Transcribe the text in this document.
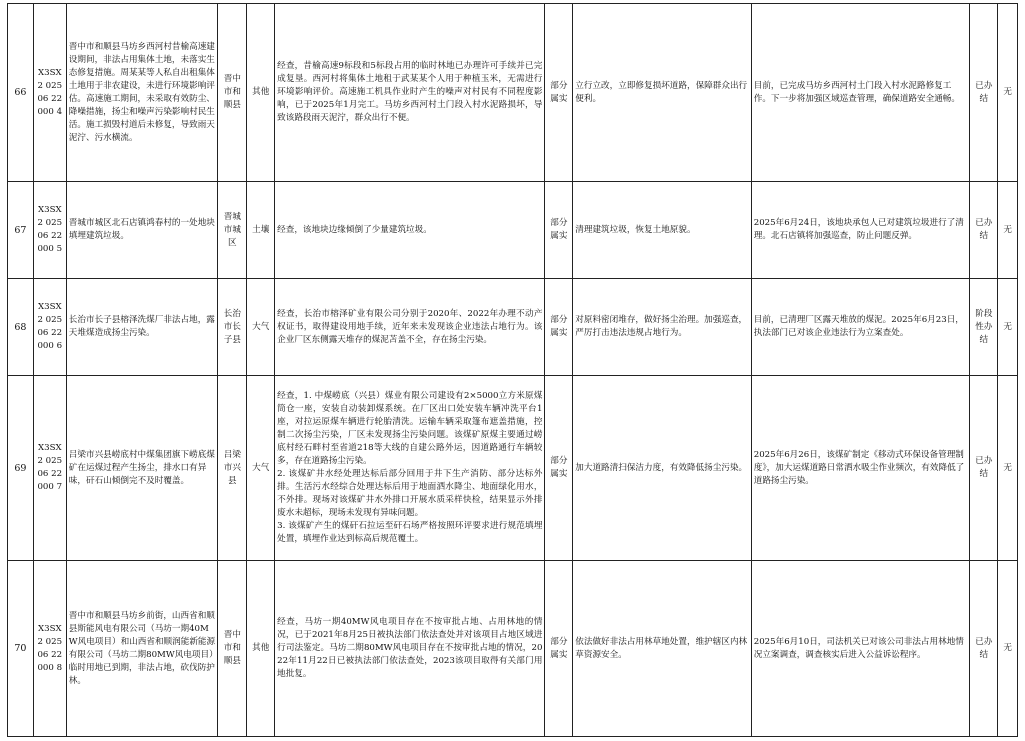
66	X3SX2 02506 22000 4	晋中市和顺县马坊乡西河村昔榆高速建设期间，非法占用集体土地，未落实生态修复措施。周某某等人私自出租集体土地用于非农建设，未进行环境影响评估。高速施工期间，未采取有效防尘、降噪措施，扬尘和噪声污染影响村民生活。施工损毁村道后未修复，导致雨天泥泞、污水横流。	晋中市和顺县	其他	经查，昔榆高速9标段和5标段占用的临时林地已办理许可手续并已完成复垦。西河村将集体土地租于武某某个人用于种植玉米，无需进行环境影响评价。高速施工机具作业时产生的噪声对村民有不同程度影响，已于2025年1月完工。马坊乡西河村土门段入村水泥路损坏，导致该路段雨天泥泞，群众出行不便。	部分属实	立行立改，立即修复损坏道路，保障群众出行便利。	目前，已完成马坊乡西河村土门段入村水泥路修复工作。下一步将加强区域巡查管理，确保道路安全通畅。	已办结	无
67	X3SX2 02506 22000 5	晋城市城区北石店镇鸿春村的一处地块填埋建筑垃圾。	晋城市城区	土壤	经查，该地块边缘倾倒了少量建筑垃圾。	部分属实	清理建筑垃圾，恢复土地原貌。	2025年6月24日，该地块承包人已对建筑垃圾进行了清理。北石店镇将加强巡查，防止问题反弹。	已办结	无
68	X3SX2 02506 22000 6	长治市长子县榕泽洗煤厂非法占地，露天堆煤造成扬尘污染。	长治市长子县	大气	经查，长治市榕泽矿业有限公司分别于2020年、2022年办理不动产权证书，取得建设用地手续，近年来未发现该企业违法占地行为。该企业厂区东侧露天堆存的煤泥苫盖不全，存在扬尘污染。	部分属实	对原料密闭堆存，做好扬尘治理。加强巡查，严厉打击违法违规占地行为。	目前，已清理厂区露天堆放的煤泥。2025年6月23日，执法部门已对该企业违法行为立案查处。	阶段性办结	无
69	X3SX2 02506 22000 7	吕梁市兴县崂底村中煤集团旗下崂底煤矿在运煤过程产生扬尘，排水口有异味，矸石山倾倒完不及时覆盖。	吕梁市兴县	大气	经查，1. 中煤崂底（兴县）煤业有限公司建设有2×5000立方米原煤筒仓一座，安装自动装卸煤系统。在厂区出口处安装车辆冲洗平台1座，对拉运原煤车辆进行轮胎清洗。运输车辆采取篷布遮盖措施，控制二次扬尘污染，厂区未发现扬尘污染问题。该煤矿原煤主要通过崂底村经石畔村至省道218等大线的自建公路外运，因道路通行车辆较多，存在道路扬尘污染。
2. 该煤矿井水经处理达标后部分回用于井下生产消防、部分达标外排。生活污水经综合处理达标后用于地面洒水降尘、地面绿化用水，不外排。现场对该煤矿井水外排口开展水质采样快检，结果显示外排废水未超标，现场未发现有异味问题。
3. 该煤矿产生的煤矸石拉运至矸石场严格按照环评要求进行规范填埋处置，填埋作业达到标高后规范覆土。	部分属实	加大道路清扫保洁力度，有效降低扬尘污染。	2025年6月26日，该煤矿制定《移动式环保设备管理制度》，加大运煤道路日常洒水吸尘作业频次，有效降低了道路扬尘污染。	已办结	无
70	X3SX2 02506 22000 8	晋中市和顺县马坊乡前街，山西省和顺县斯能风电有限公司（马坊一期40MW风电项目）和山西省和顺润能新能源有限公司（马坊二期80MW风电项目）临时用地已到期，非法占地，砍伐防护林。	晋中市和顺县	其他	经查，马坊一期40MW风电项目存在不按审批占地、占用林地的情况，已于2021年8月25日被执法部门依法查处并对该项目占地区域进行司法鉴定。马坊二期80MW风电项目存在不按审批占地的情况，2022年11月22日已被执法部门依法查处，2023该项目取得有关部门用地批复。	部分属实	依法做好非法占用林草地处置，维护辖区内林草资源安全。	2025年6月10日，司法机关已对该公司非法占用林地情况立案调查，调查核实后进入公益诉讼程序。	已办结	无
